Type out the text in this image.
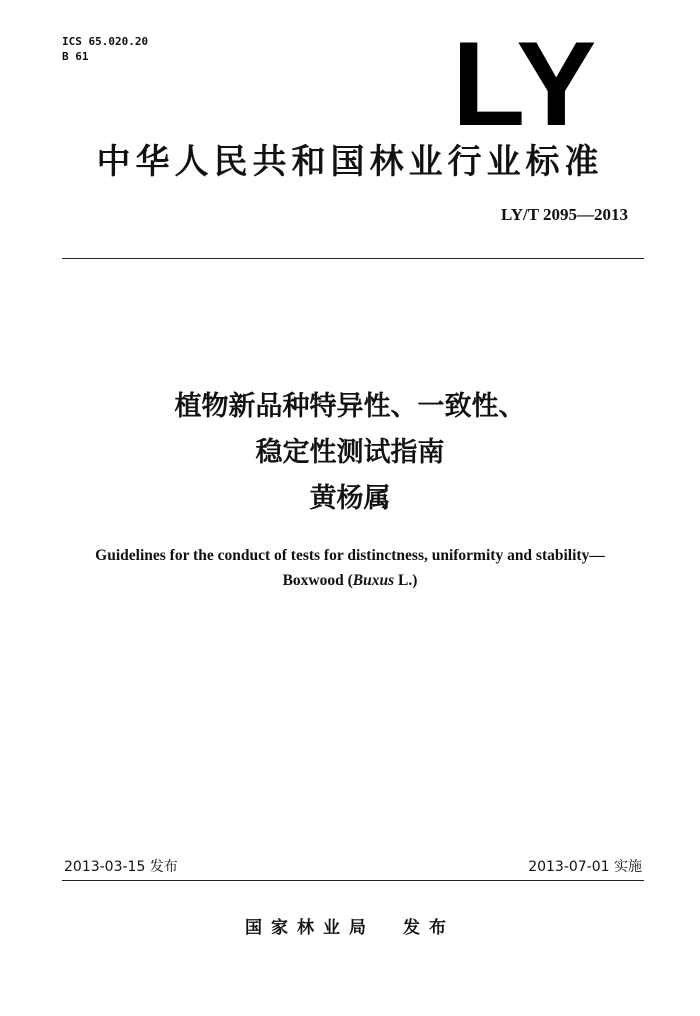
ICS 65.020.20
B 61	LY
中华人民共和国林业行业标准
LY/T 2095—2013
植物新品种特异性、一致性、
稳定性测试指南
黄杨属
Guidelines for the conduct of tests for distinctness, uniformity and stability—
Boxwood (Buxus L.)
2013-03-15 发布	2013-07-01 实施
国家林业局 发布
